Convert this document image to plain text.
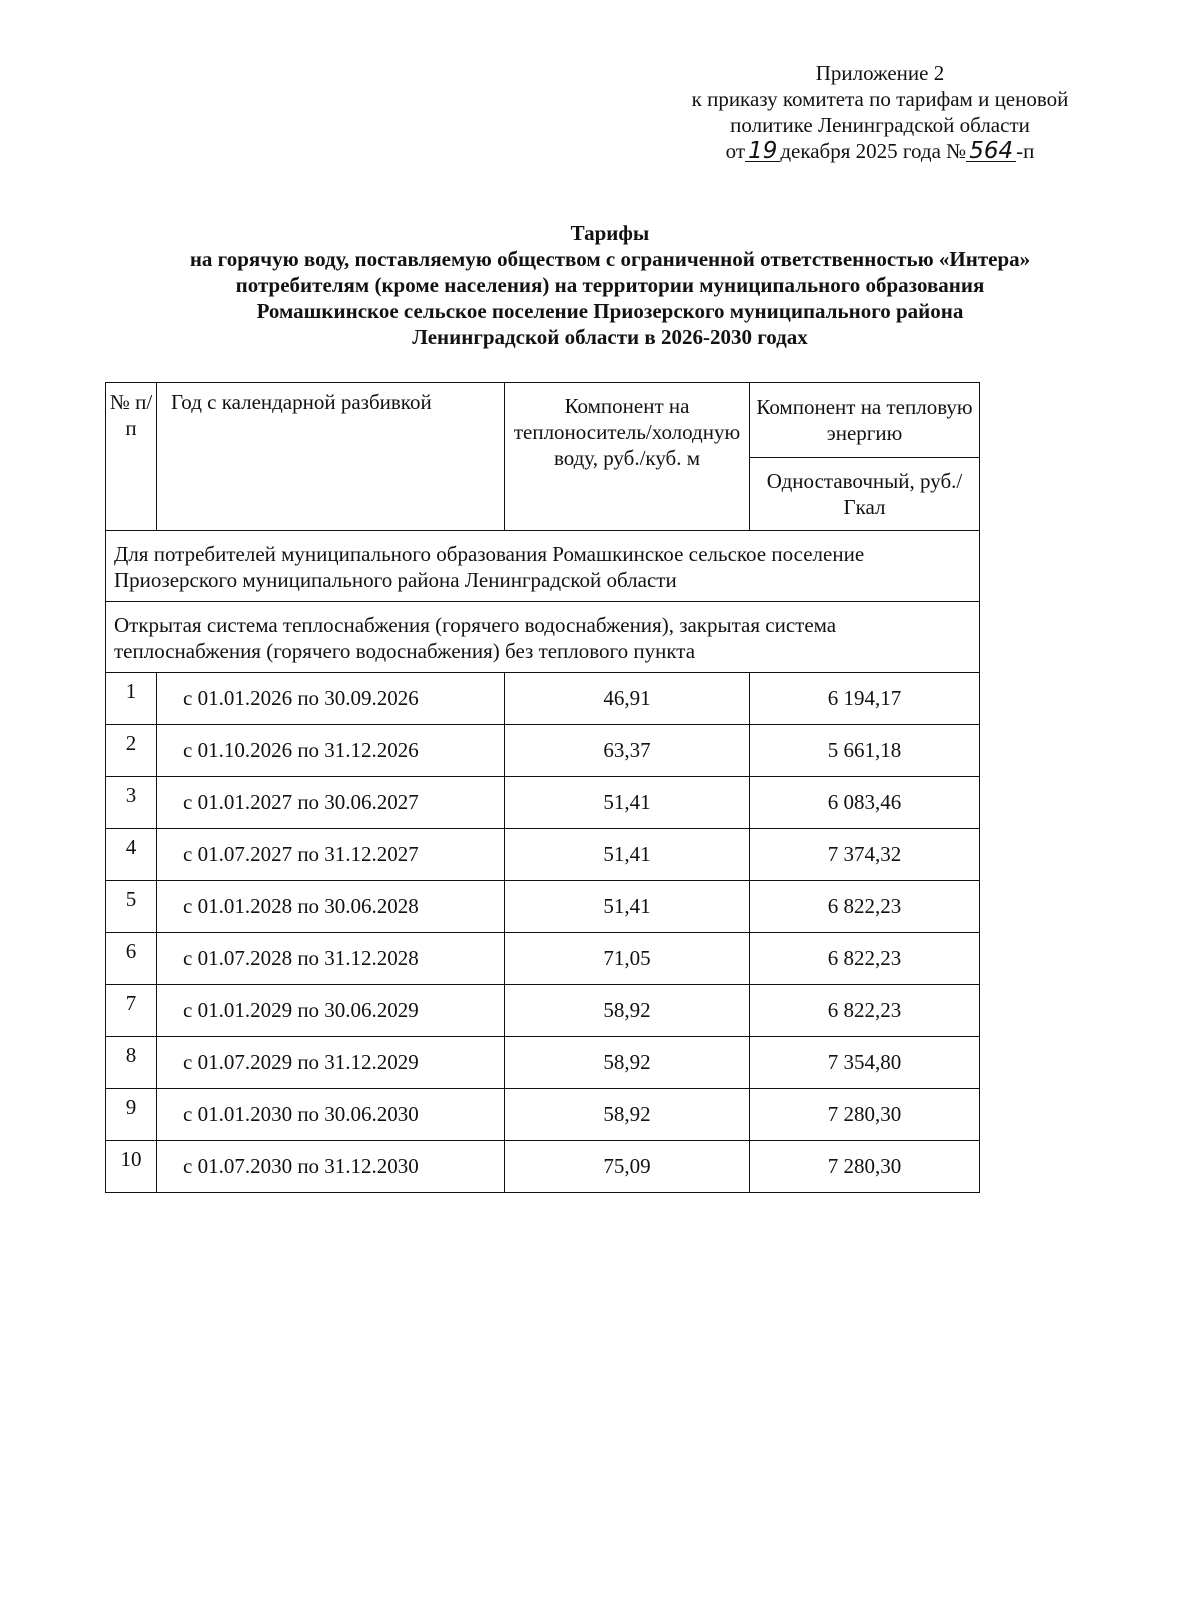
Приложение 2
к приказу комитета по тарифам и ценовой
политике Ленинградской области
от 19 декабря 2025 года № 564 -п
Тарифы
на горячую воду, поставляемую обществом с ограниченной ответственностью «Интера»
потребителям (кроме населения) на территории муниципального образования
Ромашкинское сельское поселение Приозерского муниципального района
Ленинградской области в 2026-2030 годах
№ п/п	Год с календарной разбивкой	Компонент на теплоноситель/холодную воду, руб./куб. м	Компонент на тепловую энергию
			Одноставочный, руб./Гкал
Для потребителей муниципального образования Ромашкинское сельское поселение Приозерского муниципального района Ленинградской области			
Открытая система теплоснабжения (горячего водоснабжения), закрытая система теплоснабжения (горячего водоснабжения) без теплового пункта			
1	с 01.01.2026 по 30.09.2026	46,91	6 194,17
2	с 01.10.2026 по 31.12.2026	63,37	5 661,18
3	с 01.01.2027 по 30.06.2027	51,41	6 083,46
4	с 01.07.2027 по 31.12.2027	51,41	7 374,32
5	с 01.01.2028 по 30.06.2028	51,41	6 822,23
6	с 01.07.2028 по 31.12.2028	71,05	6 822,23
7	с 01.01.2029 по 30.06.2029	58,92	6 822,23
8	с 01.07.2029 по 31.12.2029	58,92	7 354,80
9	с 01.01.2030 по 30.06.2030	58,92	7 280,30
10	с 01.07.2030 по 31.12.2030	75,09	7 280,30
